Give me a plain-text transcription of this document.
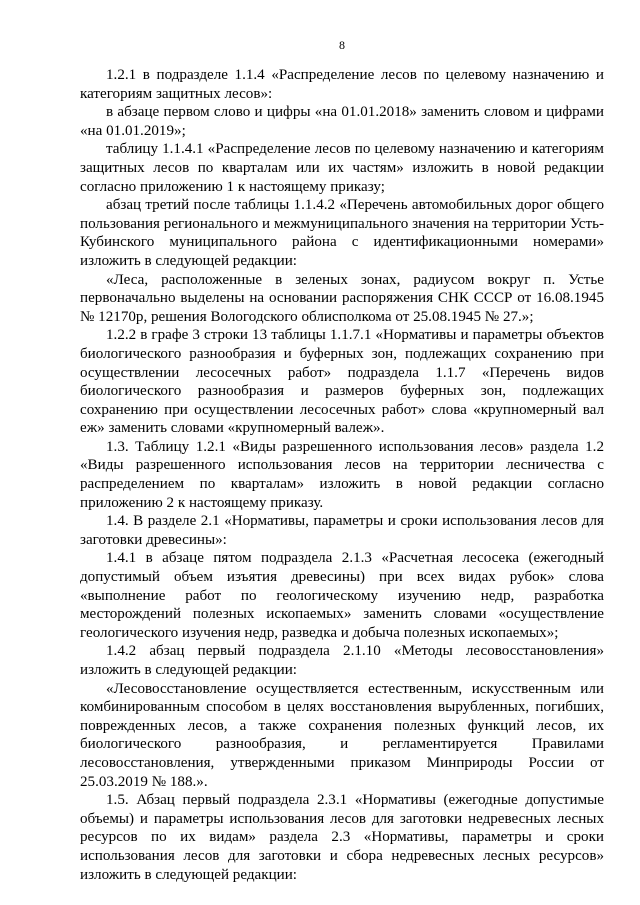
8

1.2.1 в подразделе 1.1.4 «Распределение лесов по целевому назначению и категориям защитных лесов»:

в абзаце первом слово и цифры «на 01.01.2018» заменить словом и цифрами «на 01.01.2019»;

таблицу 1.1.4.1 «Распределение лесов по целевому назначению и категориям защитных лесов по кварталам или их частям» изложить в новой редакции согласно приложению 1 к настоящему приказу;

абзац третий после таблицы 1.1.4.2 «Перечень автомобильных дорог общего пользования регионального и межмуниципального значения на территории Усть-Кубинского муниципального района с идентификационными номерами» изложить в следующей редакции:

«Леса, расположенные в зеленых зонах, радиусом вокруг п. Устье первоначально выделены на основании распоряжения СНК СССР от 16.08.1945 № 12170р, решения Вологодского облисполкома от 25.08.1945 № 27.»;

1.2.2 в графе 3 строки 13 таблицы 1.1.7.1 «Нормативы и параметры объектов биологического разнообразия и буферных зон, подлежащих сохранению при осуществлении лесосечных работ» подраздела 1.1.7 «Перечень видов биологического разнообразия и размеров буферных зон, подлежащих сохранению при осуществлении лесосечных работ» слова «крупномерный вал еж» заменить словами «крупномерный валеж».

1.3. Таблицу 1.2.1 «Виды разрешенного использования лесов» раздела 1.2 «Виды разрешенного использования лесов на территории лесничества с распределением по кварталам» изложить в новой редакции согласно приложению 2 к настоящему приказу.

1.4. В разделе 2.1 «Нормативы, параметры и сроки использования лесов для заготовки древесины»:

1.4.1 в абзаце пятом подраздела 2.1.3 «Расчетная лесосека (ежегодный допустимый объем изъятия древесины) при всех видах рубок» слова «выполнение работ по геологическому изучению недр, разработка месторождений полезных ископаемых» заменить словами «осуществление геологического изучения недр, разведка и добыча полезных ископаемых»;

1.4.2 абзац первый подраздела 2.1.10 «Методы лесовосстановления» изложить в следующей редакции:

«Лесовосстановление осуществляется естественным, искусственным или комбинированным способом в целях восстановления вырубленных, погибших, поврежденных лесов, а также сохранения полезных функций лесов, их биологического разнообразия, и регламентируется Правилами лесовосстановления, утвержденными приказом Минприроды России от 25.03.2019 № 188.».

1.5. Абзац первый подраздела 2.3.1 «Нормативы (ежегодные допустимые объемы) и параметры использования лесов для заготовки недревесных лесных ресурсов по их видам» раздела 2.3 «Нормативы, параметры и сроки использования лесов для заготовки и сбора недревесных лесных ресурсов» изложить в следующей редакции:
